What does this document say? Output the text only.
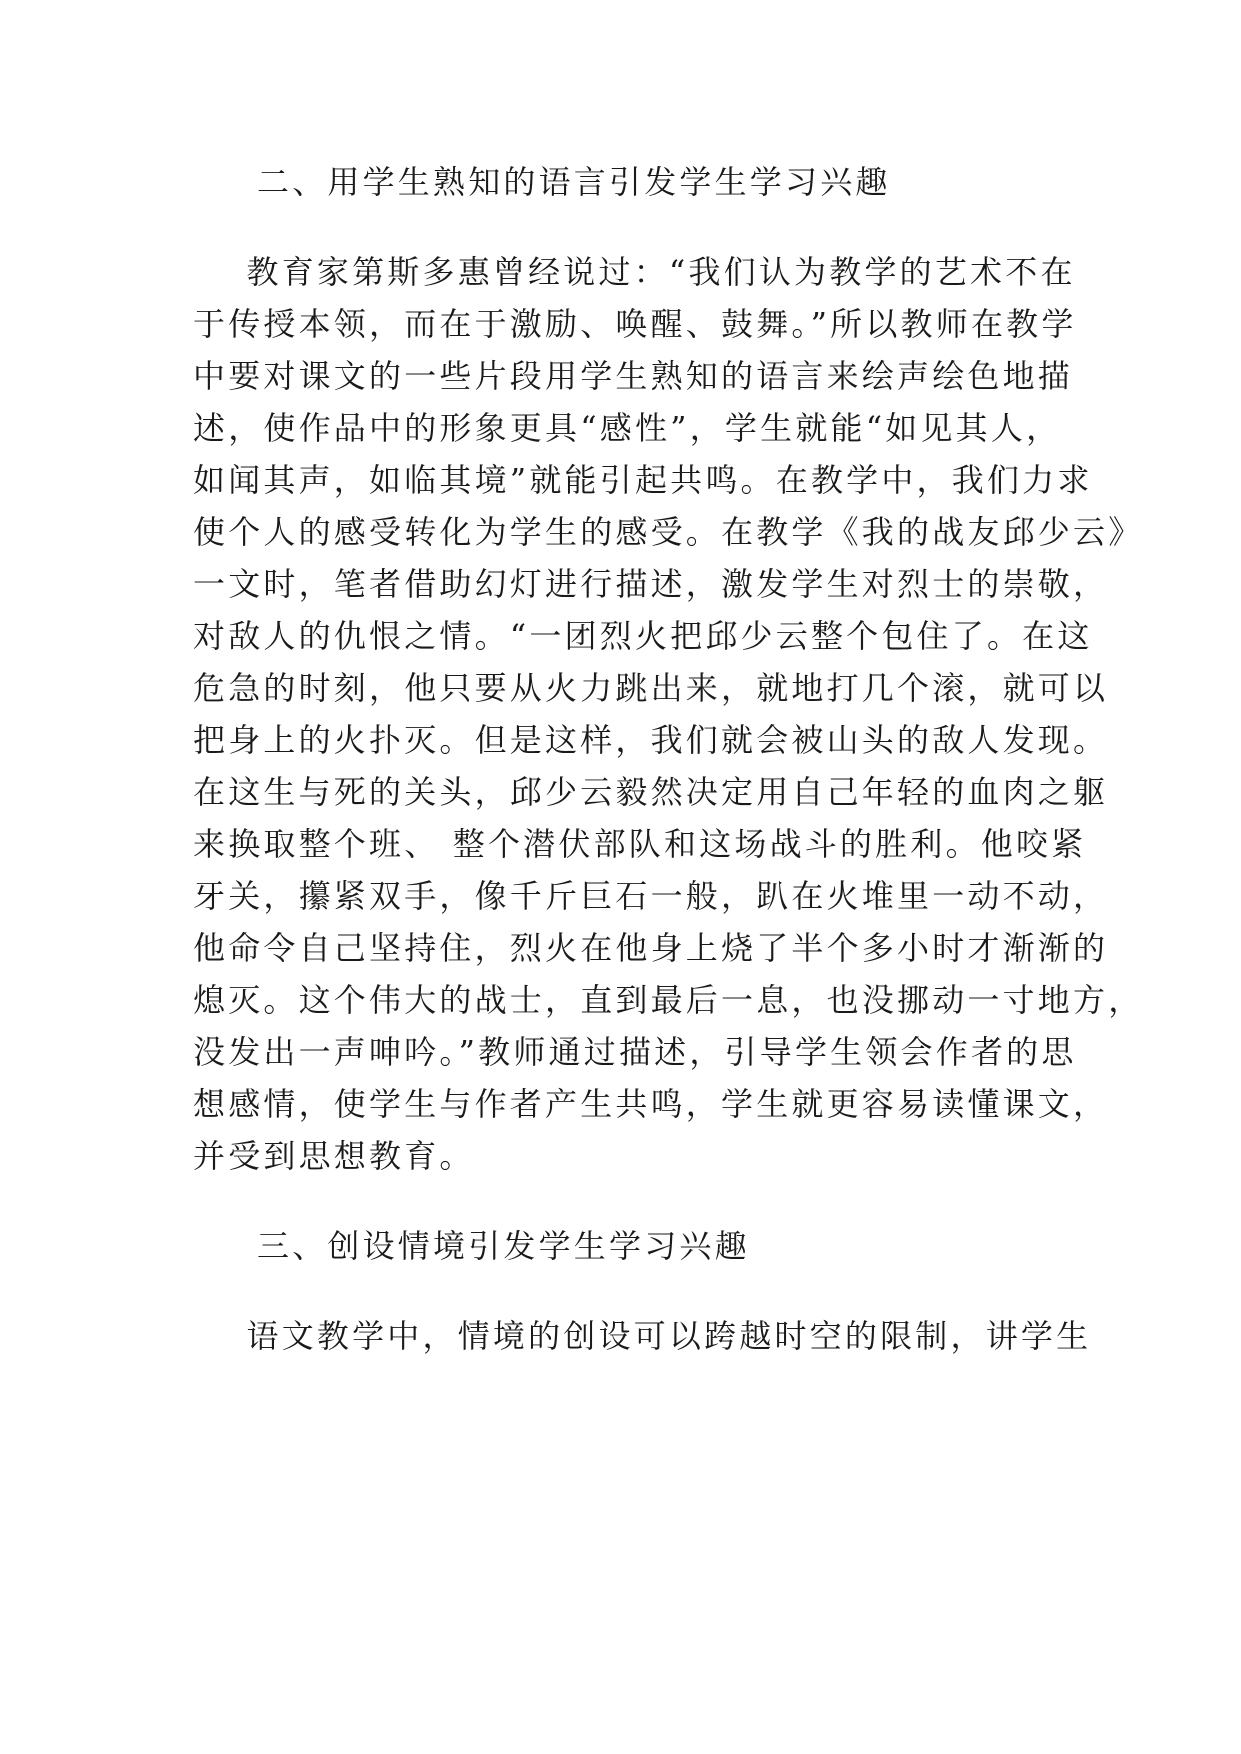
二、用学生熟知的语言引发学生学习兴趣
教育家第斯多惠曾经说过：“我们认为教学的艺术不在
于传授本领，而在于激励、唤醒、鼓舞。”所以教师在教学
中要对课文的一些片段用学生熟知的语言来绘声绘色地描
述，使作品中的形象更具“感性”，学生就能“如见其人，
如闻其声，如临其境”就能引起共鸣。在教学中，我们力求
使个人的感受转化为学生的感受。在教学《我的战友邱少云》
一文时，笔者借助幻灯进行描述，激发学生对烈士的崇敬，
对敌人的仇恨之情。“一团烈火把邱少云整个包住了。在这
危急的时刻，他只要从火力跳出来，就地打几个滚，就可以
把身上的火扑灭。但是这样，我们就会被山头的敌人发现。
在这生与死的关头，邱少云毅然决定用自己年轻的血肉之躯
来换取整个班、 整个潜伏部队和这场战斗的胜利。他咬紧
牙关，攥紧双手，像千斤巨石一般，趴在火堆里一动不动，
他命令自己坚持住，烈火在他身上烧了半个多小时才渐渐的
熄灭。这个伟大的战士，直到最后一息，也没挪动一寸地方，
没发出一声呻吟。”教师通过描述，引导学生领会作者的思
想感情，使学生与作者产生共鸣，学生就更容易读懂课文，
并受到思想教育。
三、创设情境引发学生学习兴趣
语文教学中，情境的创设可以跨越时空的限制，讲学生
